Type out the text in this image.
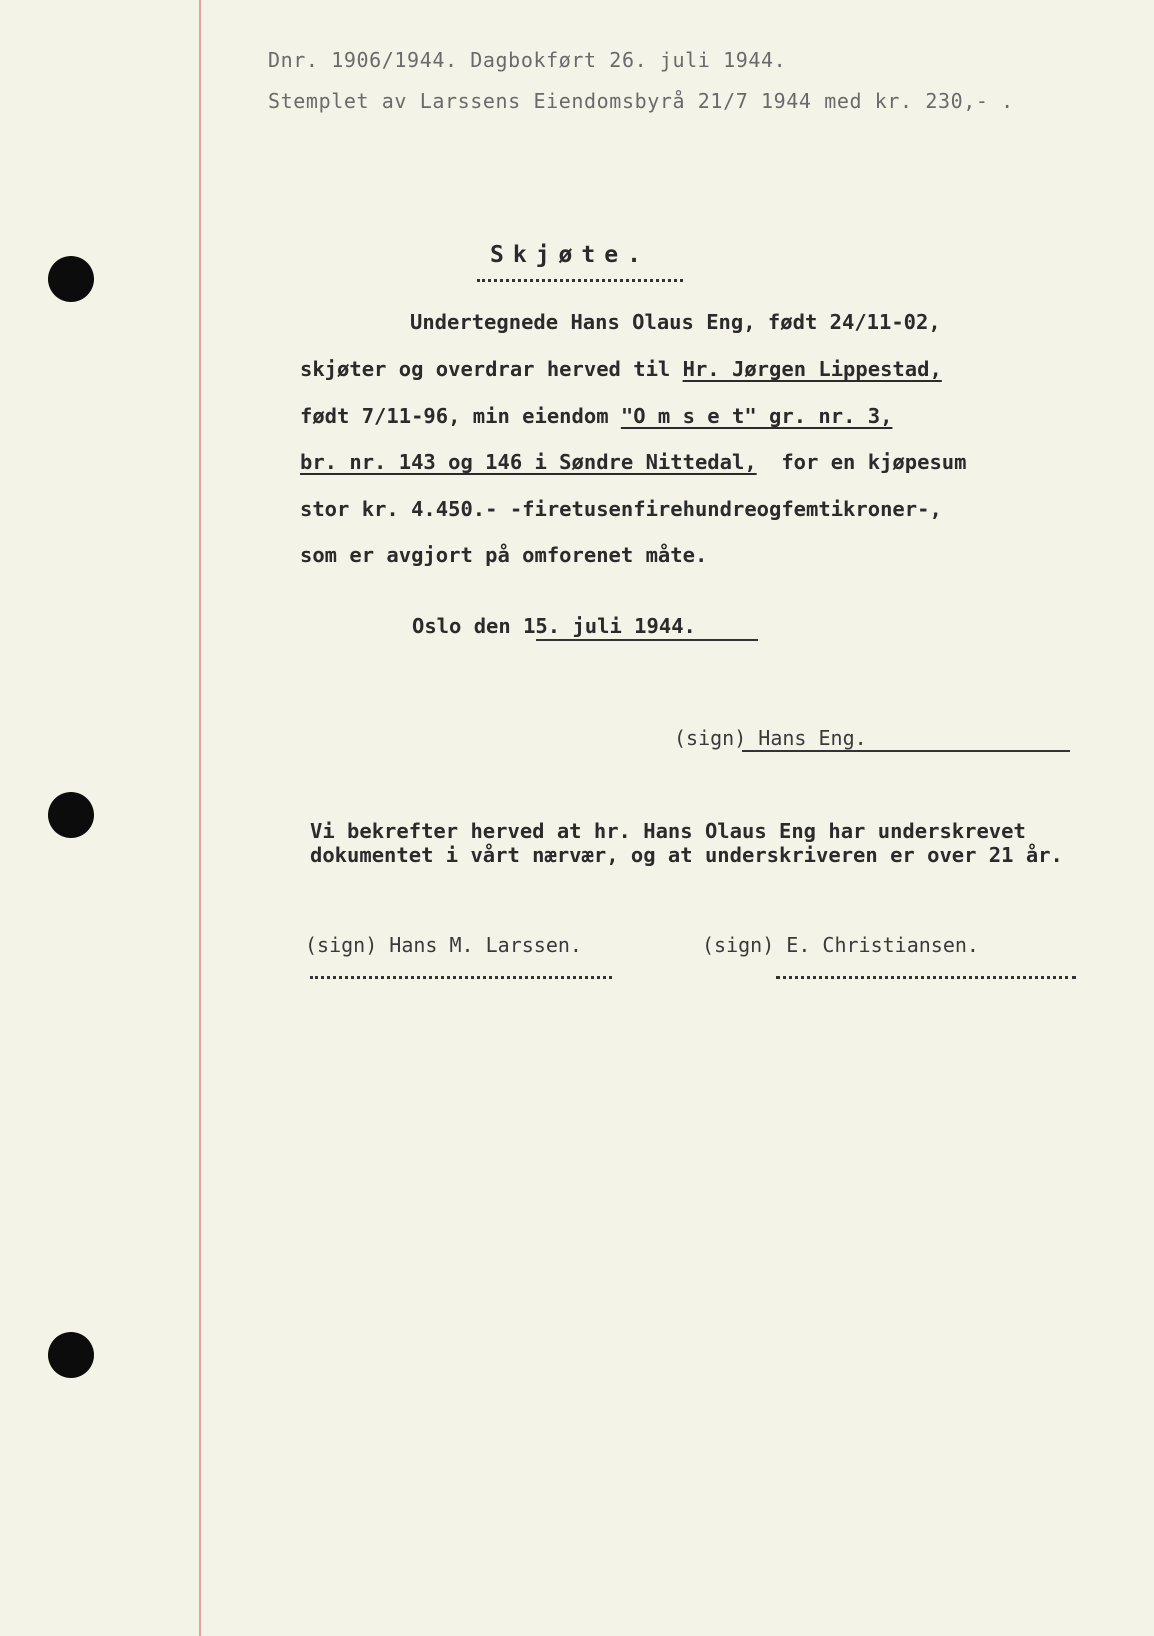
Dnr. 1906/1944. Dagbokført 26. juli 1944.

Stemplet av Larssens Eiendomsbyrå 21/7 1944 med kr. 230,- .

Skjøte.

Undertegnede Hans Olaus Eng, født 24/11-02,

skjøter og overdrar herved til Hr. Jørgen Lippestad,

født 7/11-96, min eiendom "O m s e t" gr. nr. 3,

br. nr. 143 og 146 i Søndre Nittedal,  for en kjøpesum

stor kr. 4.450.- -firetusenfirehundreogfemtikroner-,

som er avgjort på omforenet måte.

Oslo den 15. juli 1944.

(sign) Hans Eng.

Vi bekrefter herved at hr. Hans Olaus Eng har underskrevet

dokumentet i vårt nærvær, og at underskriveren er over 21 år.

(sign) Hans M. Larssen.	(sign) E. Christiansen.
